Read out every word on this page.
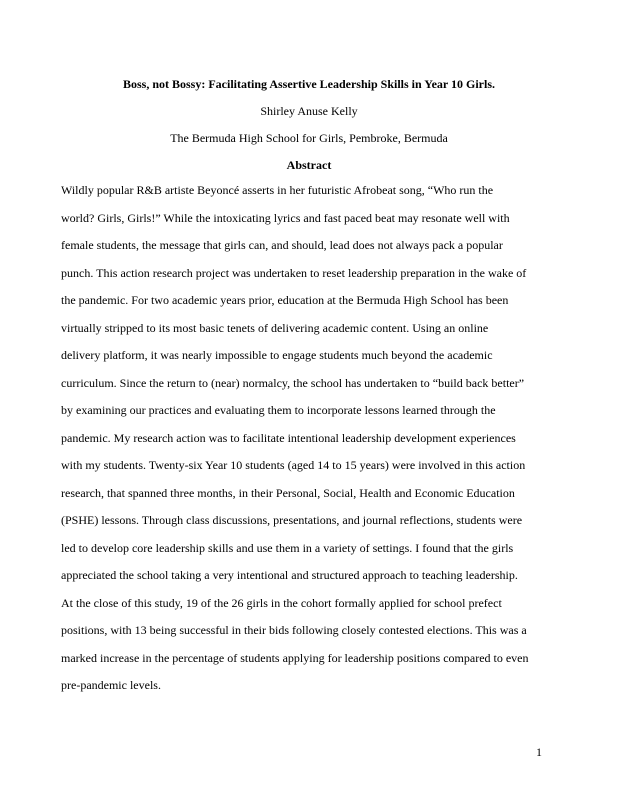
Boss, not Bossy: Facilitating Assertive Leadership Skills in Year 10 Girls.
Shirley Anuse Kelly
The Bermuda High School for Girls, Pembroke, Bermuda
Abstract
Wildly popular R&B artiste Beyoncé asserts in her futuristic Afrobeat song, “Who run the
world? Girls, Girls!” While the intoxicating lyrics and fast paced beat may resonate well with
female students, the message that girls can, and should, lead does not always pack a popular
punch. This action research project was undertaken to reset leadership preparation in the wake of
the pandemic. For two academic years prior, education at the Bermuda High School has been
virtually stripped to its most basic tenets of delivering academic content. Using an online
delivery platform, it was nearly impossible to engage students much beyond the academic
curriculum. Since the return to (near) normalcy, the school has undertaken to “build back better”
by examining our practices and evaluating them to incorporate lessons learned through the
pandemic. My research action was to facilitate intentional leadership development experiences
with my students. Twenty-six Year 10 students (aged 14 to 15 years) were involved in this action
research, that spanned three months, in their Personal, Social, Health and Economic Education
(PSHE) lessons. Through class discussions, presentations, and journal reflections, students were
led to develop core leadership skills and use them in a variety of settings. I found that the girls
appreciated the school taking a very intentional and structured approach to teaching leadership.
At the close of this study, 19 of the 26 girls in the cohort formally applied for school prefect
positions, with 13 being successful in their bids following closely contested elections. This was a
marked increase in the percentage of students applying for leadership positions compared to even
pre-pandemic levels.
1
